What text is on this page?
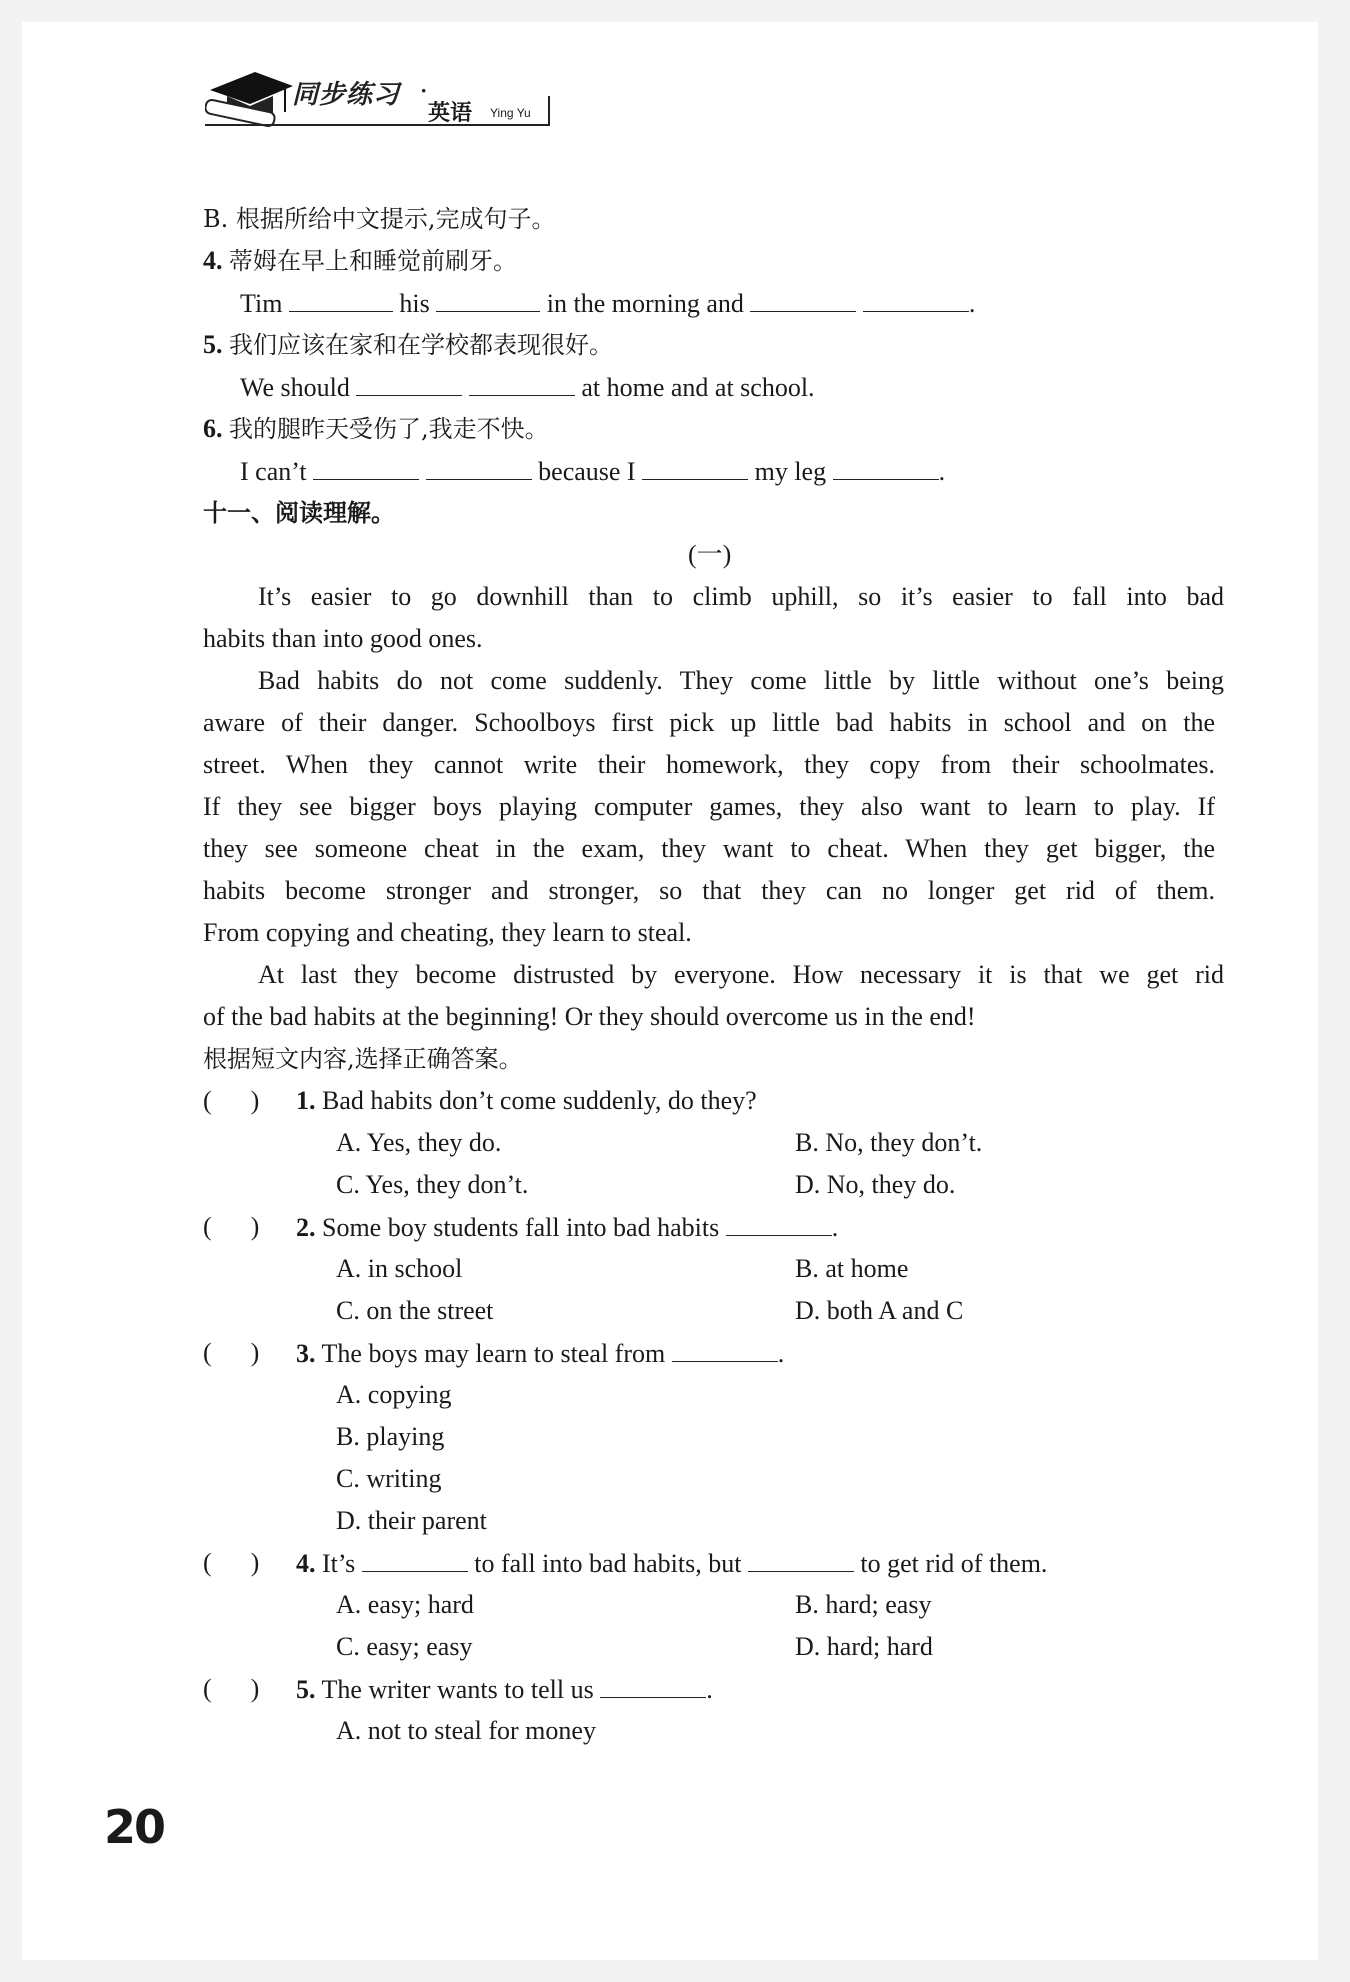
同步练习 ·
英语 Ying Yu
B. 根据所给中文提示,完成句子。
4. 蒂姆在早上和睡觉前刷牙。
Tim	his	in the morning and	.
5. 我们应该在家和在学校都表现很好。
We should	at home and at school.
6. 我的腿昨天受伤了,我走不快。
I can’t	because I	my leg	.
十一、阅读理解。
(一)
It’s easier to go downhill than to climb uphill, so it’s easier to fall into bad
habits than into good ones.
Bad habits do not come suddenly. They come little by little without one’s being
aware of their danger. Schoolboys first pick up little bad habits in school and on the
street. When they cannot write their homework, they copy from their schoolmates.
If they see bigger boys playing computer games, they also want to learn to play. If
they see someone cheat in the exam, they want to cheat. When they get bigger, the
habits become stronger and stronger, so that they can no longer get rid of them.
From copying and cheating, they learn to steal.
At last they become distrusted by everyone. How necessary it is that we get rid
of the bad habits at the beginning! Or they should overcome us in the end!
根据短文内容,选择正确答案。
(      ) 1. Bad habits don’t come suddenly, do they?
A. Yes, they do.	B. No, they don’t.
C. Yes, they don’t.	D. No, they do.
(      ) 2. Some boy students fall into bad habits	.
A. in school	B. at home
C. on the street	D. both A and C
(      ) 3. The boys may learn to steal from	.
A. copying
B. playing
C. writing
D. their parent
(      ) 4. It’s	to fall into bad habits, but	to get rid of them.
A. easy; hard	B. hard; easy
C. easy; easy	D. hard; hard
(      ) 5. The writer wants to tell us	.
A. not to steal for money
20
